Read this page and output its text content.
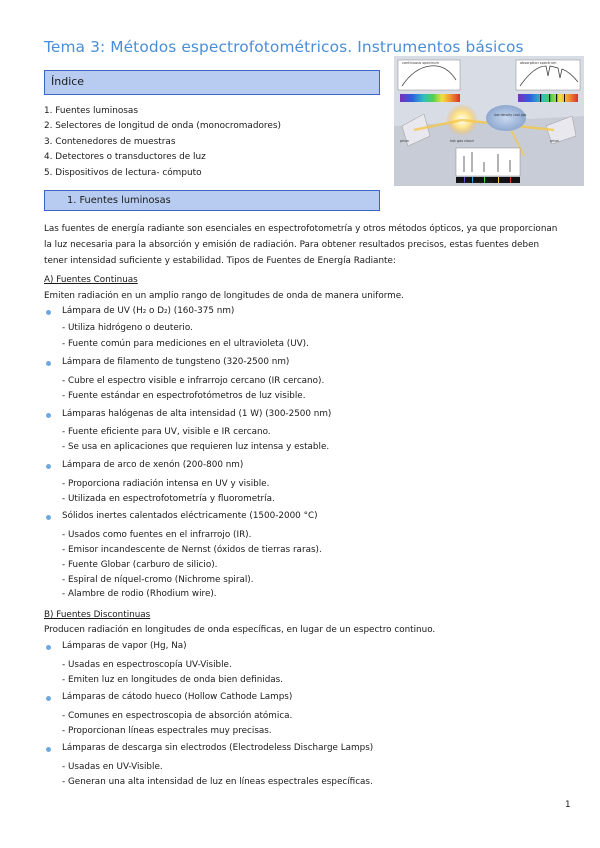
Tema 3: Métodos espectrofotométricos. Instrumentos básicos
Índice
1. Fuentes luminosas
2. Selectores de longitud de onda (monocromadores)
3. Contenedores de muestras
4. Detectores o transductores de luz
5. Dispositivos de lectura- cómputo
continuous spectrum	absorption spectrum
hot gas cloud
low density cool gas
prism	prism
emission line spectrum
1. Fuentes luminosas
Las fuentes de energía radiante son esenciales en espectrofotometría y otros métodos ópticos, ya que proporcionan la luz necesaria para la absorción y emisión de radiación. Para obtener resultados precisos, estas fuentes deben tener intensidad suficiente y estabilidad. Tipos de Fuentes de Energía Radiante:
A) Fuentes Continuas
Emiten radiación en un amplio rango de longitudes de onda de manera uniforme.
Lámpara de UV (H₂ o D₂) (160-375 nm)
- Utiliza hidrógeno o deuterio.
- Fuente común para mediciones en el ultravioleta (UV).
Lámpara de filamento de tungsteno (320-2500 nm)
- Cubre el espectro visible e infrarrojo cercano (IR cercano).
- Fuente estándar en espectrofotómetros de luz visible.
Lámparas halógenas de alta intensidad (1 W) (300-2500 nm)
- Fuente eficiente para UV, visible e IR cercano.
- Se usa en aplicaciones que requieren luz intensa y estable.
Lámpara de arco de xenón (200-800 nm)
- Proporciona radiación intensa en UV y visible.
- Utilizada en espectrofotometría y fluorometría.
Sólidos inertes calentados eléctricamente (1500-2000 °C)
- Usados como fuentes en el infrarrojo (IR).
- Emisor incandescente de Nernst (óxidos de tierras raras).
- Fuente Globar (carburo de silicio).
- Espiral de níquel-cromo (Nichrome spiral).
- Alambre de rodio (Rhodium wire).
B) Fuentes Discontinuas
Producen radiación en longitudes de onda específicas, en lugar de un espectro continuo.
Lámparas de vapor (Hg, Na)
- Usadas en espectroscopía UV-Visible.
- Emiten luz en longitudes de onda bien definidas.
Lámparas de cátodo hueco (Hollow Cathode Lamps)
- Comunes en espectroscopia de absorción atómica.
- Proporcionan líneas espectrales muy precisas.
Lámparas de descarga sin electrodos (Electrodeless Discharge Lamps)
- Usadas en UV-Visible.
- Generan una alta intensidad de luz en líneas espectrales específicas.
1
